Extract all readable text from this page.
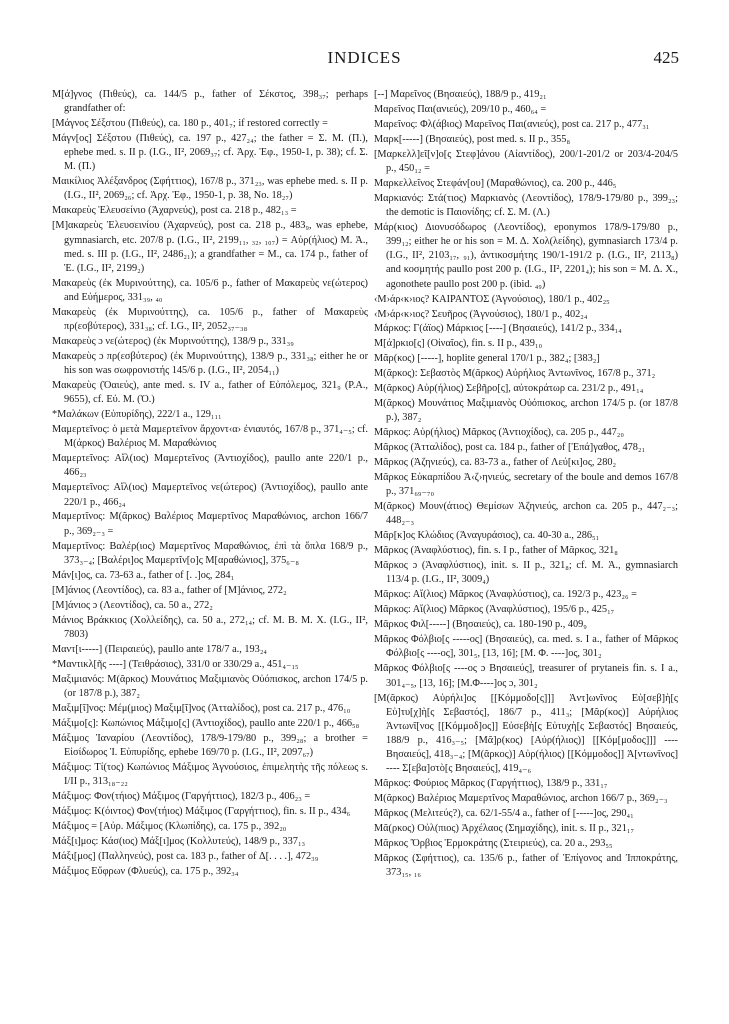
INDICES	425

Μ[ά]γνος (Πιθεύς), ca. 144/5 p., father of Σέκστος, 398₃₇; perhaps grandfather of:

[Μάγνος Σέξστου (Πιθεύς), ca. 180 p., 401₇; if restored correctly =

Μάγν[ος] Σέξστου (Πιθεύς), ca. 197 p., 427₂₄; the father = Σ. Μ. (Π.), ephebe med. s. II p. (I.G., II², 2069₃₇; cf. Ἀρχ. Ἐφ., 1950-1, p. 38); cf. Σ. Μ. (Π.)

Μαικίλιος Ἀλέξανδρος (Σφήττιος), 167/8 p., 371₂₃, was ephebe med. s. II p. (I.G., II², 2069₂₆; cf. Ἀρχ. Ἐφ., 1950-1, p. 38, No. 18₂₇)

Μακαρεὺς Ἐλευσείνιο (Ἀχαρνεύς), post ca. 218 p., 482₁₃ =

[Μ]ακαρεὺς Ἐλευσεινίου (Ἀχαρνεύς), post ca. 218 p., 483₉, was ephebe, gymnasiarch, etc. 207/8 p. (I.G., II², 2199₁₁, ₃₂, ₁₀₇) = Αὐρ(ήλιος) Μ. Ἀ., med. s. III p. (I.G., II², 2486₂₁); a grandfather = Μ., ca. 174 p., father of Ἐ. (I.G., II², 2199₂)

Μακαρεὺς (ἐκ Μυρινούττης), ca. 105/6 p., father of Μακαρεὺς νε(ώτερος) and Εὐήμερος, 331₃₉, ₄₀

Μακαρεὺς (ἐκ Μυρινούττης), ca. 105/6 p., father of Μακαρεὺς πρ(εσβύτερος), 331₃₈; cf. I.G., II², 2052₃₇₋₃₈

Μακαρεὺς ɔ νε(ώτερος) (ἐκ Μυρινούττης), 138/9 p., 331₃₉

Μακαρεὺς ɔ πρ(εσβύτερος) (ἐκ Μυρινούττης), 138/9 p., 331₃₈; either he or his son was σωφρονιστής 145/6 p. (I.G., II², 2054₁₁)

Μακαρεὺς (Ὀαιεύς), ante med. s. IV a., father of Εὐπόλεμος, 321₉ (P.A., 9655), cf. Εὐ. Μ. (Ὀ.)

*Μαλάκων (Εὐπυρίδης), 222/1 a., 129₁₁₁

Μαμερτεῖνος: ὁ μετὰ Μαμερτεῖνον ἄρχοντ‹α› ἐνιαυτός, 167/8 p., 371₄₋₅; cf. Μ(άρκος) Βαλέριος Μ. Μαραθώνιος

Μαμερτεῖνος: Αἴλ(ιος) Μαμερτεῖνος (Ἀντιοχίδος), paullo ante 220/1 p., 466₂₃

Μαμερτεῖνος: Αἴλ(ιος) Μαμερτεῖνος νε(ώτερος) (Ἀντιοχίδος), paullo ante 220/1 p., 466₂₄

Μαμερτῖνος: Μ(ᾶρκος) Βαλέριος Μαμερτῖνος Μαραθώνιος, archon 166/7 p., 369₂₋₃ =

Μαμερτῖνος: Βαλέρ(ιος) Μαμερτῖνος Μαραθώνιος, ἐπὶ τὰ ὅπλα 168/9 p., 373₃₋₄; [Βαλέρι]ος Μαμερτῖν[ο]ς Μ[αραθώνιος], 375₆₋₈

Μάν[ι]ος, ca. 73-63 a., father of [. .]ος, 284₁

[Μ]άνιος (Λεοντίδος), ca. 83 a., father of [Μ]άνιος, 272₂

[Μ]άνιος ɔ (Λεοντίδος), ca. 50 a., 272₂

Μάνιος Βράκκιος (Χολλείδης), ca. 50 a., 272₁₄; cf. Μ. Β. Μ. Χ. (I.G., II², 7803)

Μαντ[ι-----] (Πειραιεύς), paullo ante 178/7 a., 193₂₄

*Μαντικλ[ῆς ----] (Τειθράσιος), 331/0 or 330/29 a., 451₄₋₁₅

Μαξιμιανός: Μ(ᾶρκος) Μουνάτιος Μαξιμιανὸς Οὐόπισκος, archon 174/5 p. (or 187/8 p.), 387₂

Μαξιμ[ῖ]νος: Μέμ(μιος) Μαξιμ[ῖ]νος (Ἀτταλίδος), post ca. 217 p., 476₁₀

Μάξιμο[ς]: Κωπώνιος Μάξιμο[ς] (Ἀντιοχίδος), paullo ante 220/1 p., 466₅₈

Μάξιμος Ἰαναρίου (Λεοντίδος), 178/9-179/80 p., 399₂₈; a brother = Εἰσίδωρος Ἰ. Εὐπυρίδης, ephebe 169/70 p. (I.G., II², 2097₆₇)

Μάξιμος: Τί(τος) Κωπώνιος Μάξιμος Ἀγνούσιος, ἐπιμελητὴς τῆς πόλεως s. I/II p., 313₁₈₋₂₂

Μάξιμος: Φον(τήιος) Μάξιμος (Γαργήττιος), 182/3 p., 406₂₃ =

Μάξιμος: Κ(όιντος) Φον(τήιος) Μάξιμος (Γαργήττιος), fin. s. II p., 434₆

Μάξιμος = [Αὐρ. Μάξιμος (Κλωπίδης), ca. 175 p., 392₂₀

Μάξ[ι]μος: Κάσ(ιος) Μάξ[ι]μος (Κολλυτεύς), 148/9 p., 337₁₃

Μάξι[μος] (Παλληνεύς), post ca. 183 p., father of Δ[. . . .], 472₃₉

Μάξιμος Εὔφρων (Φλυεύς), ca. 175 p., 392₃₄

[--] Μαρεῖνος (Βησαιεύς), 188/9 p., 419₂₁

Μαρεῖνος Παι(ανιεύς), 209/10 p., 460₆₄ =

Μαρεῖνος: Φλ(άβιος) Μαρεῖνος Παι(ανιεύς), post ca. 217 p., 477₃₁

Μαρκ[-----] (Βησαιεύς), post med. s. II p., 355₈

[Μαρκελλ]εῖ[ν]ο[ς Στεφ]άνου (Αἰαντίδος), 200/1-201/2 or 203/4-204/5 p., 450₁₂ =

Μαρκελλεῖνος Στεφάν[ου] (Μαραθώνιος), ca. 200 p., 446₅

Μαρκιανός: Στά(τιος) Μαρκιανὸς (Λεοντίδος), 178/9-179/80 p., 399₂₃; the demotic is Παιονίδης; cf. Σ. Μ. (Λ.)

Μάρ(κιος) Διονυσόδωρος (Λεοντίδος), eponymos 178/9-179/80 p., 399₁₂; either he or his son = Μ. Δ. Χολ(λείδης), gymnasiarch 173/4 p. (I.G., II², 2103₁₇, ₉₁), ἀντικοσμήτης 190/1-191/2 p. (I.G., II², 2113₈) and κοσμητής paullo post 200 p. (I.G., II², 2201₄); his son = Μ. Δ. Χ., agonothete paullo post 200 p. (ibid. ₄₉)

‹Μ›άρ‹κ›ιος? ΚΑΙΡΑΝΤΟΣ (Ἀγνούσιος), 180/1 p., 402₂₅

‹Μ›άρ‹κ›ιος? Σευῆρος (Ἀγνούσιος), 180/1 p., 402₂₄

Μάρκος: Γ(άϊος) Μάρκιος [----] (Βησαιεύς), 141/2 p., 334₁₄

Μ[ά]ρκιο[ς] (Οἰναῖος), fin. s. II p., 439₁₀

Μᾶρ(κος) [-----], hoplite general 170/1 p., 382₄; [383₂]

Μ(ᾶρκος): Σεβαστὸς Μ(ᾶρκος) Αὐρήλιος Ἀντωνῖνος, 167/8 p., 371₂

Μ(ᾶρκος) Αὐρ(ήλιος) Σεβῆρο[ς], αὐτοκράτωρ ca. 231/2 p., 491₁₄

Μ(ᾶρκος) Μουνάτιος Μαξιμιανὸς Οὐόπισκος, archon 174/5 p. (or 187/8 p.), 387₂

Μᾶρκος: Αὐρ(ήλιος) Μᾶρκος (Ἀντιοχίδος), ca. 205 p., 447₂₀

Μᾶρκος (Ἀτταλίδος), post ca. 184 p., father of [Ἐπά]γαθος, 478₂₁

Μᾶρκος (Ἀζηνιεύς), ca. 83-73 a., father of Λεύ[κι]ος, 280₂

Μᾶρκος Εὐκαρπίδου Ἀ‹ζ›ηνιεύς, secretary of the boule and demos 167/8 p., 371₆₉₋₇₀

Μ(ᾶρκος) Μουν(άτιος) Θεμίσων Ἀζηνιεύς, archon ca. 205 p., 447₂₋₃; 448₂₋₃

Μᾶρ[κ]ος Κλώδιος (Ἀναγυράσιος), ca. 40-30 a., 286₅₁

Μᾶρκος (Ἀναφλύστιος), fin. s. I p., father of Μᾶρκος, 321₈

Μᾶρκος ɔ (Ἀναφλύστιος), init. s. II p., 321₈; cf. Μ. Ἀ., gymnasiarch 113/4 p. (I.G., II², 3009₄)

Μᾶρκος: Αἴ(λιος) Μᾶρκος (Ἀναφλύστιος), ca. 192/3 p., 423₂₆ =

Μᾶρκος: Αἴ(λιος) Μᾶρκος (Ἀναφλύστιος), 195/6 p., 425₁₇

Μᾶρκος Φιλ[-----] (Βησαιεύς), ca. 180-190 p., 409₉

Μᾶρκος Φόλβιο[ς -----ος] (Βησαιεύς), ca. med. s. I a., father of Μᾶρκος Φόλβιο[ς ----ος], 301₅, [13, 16]; [Μ. Φ. ----]ος, 301₂

Μᾶρκος Φόλβιο[ς ----ος ɔ Βησαιεύς], treasurer of prytaneis fin. s. I a., 301₄₋₅, [13, 16]; [Μ.Φ----]ος ɔ, 301₂

[Μ(ᾶρκος) Αὐρήλι]ος [[Κόμμοδο[ς]]] Ἀντ]ωνῖνος Εὐ[σεβ]ὴ[ς Εὐ]τυ[χ]ὴ[ς Σεβαστός], 186/7 p., 411₃; [Μᾶρ(κος)] Αὐρήλιος Ἀντωνῖ[νος [[Κόμμοδ]ος]] Εὐσεβὴ[ς Εὐτυχὴ[ς Σεβαστός] Βησαιεύς, 188/9 p., 416₃₋₅; [Μᾶ]ρ(κος) [Αὐρ(ήλιος)] [[Κόμ[μοδος]]] ---- Βησαιεύς], 418₃₋₄; [Μ(ᾶρκος)] Αὐρ(ήλιος) [[Κόμμοδος]] Ἀ[ντωνῖνος] ---- Σ[εβα]στὸ[ς Βησαιεύς], 419₄₋₆

Μᾶρκος: Φούριος Μᾶρκος (Γαργήττιος), 138/9 p., 331₁₇

Μ(ᾶρκος) Βαλέριος Μαμερτῖνος Μαραθώνιος, archon 166/7 p., 369₂₋₃

Μᾶρκος (Μελιτεύς?), ca. 62/1-55/4 a., father of [-----]ος, 290₄₁

Μᾶ(ρκος) Οὐλ(πιος) Ἀρχέλαος (Σημαχίδης), init. s. II p., 321₁₇

Μᾶρκος Ὄρβιος Ἑρμοκράτης (Στειριεύς), ca. 20 a., 293₅₅

Μᾶρκος (Σφήττιος), ca. 135/6 p., father of Ἐπίγονος and Ἱπποκράτης, 373₁₅, ₁₆
